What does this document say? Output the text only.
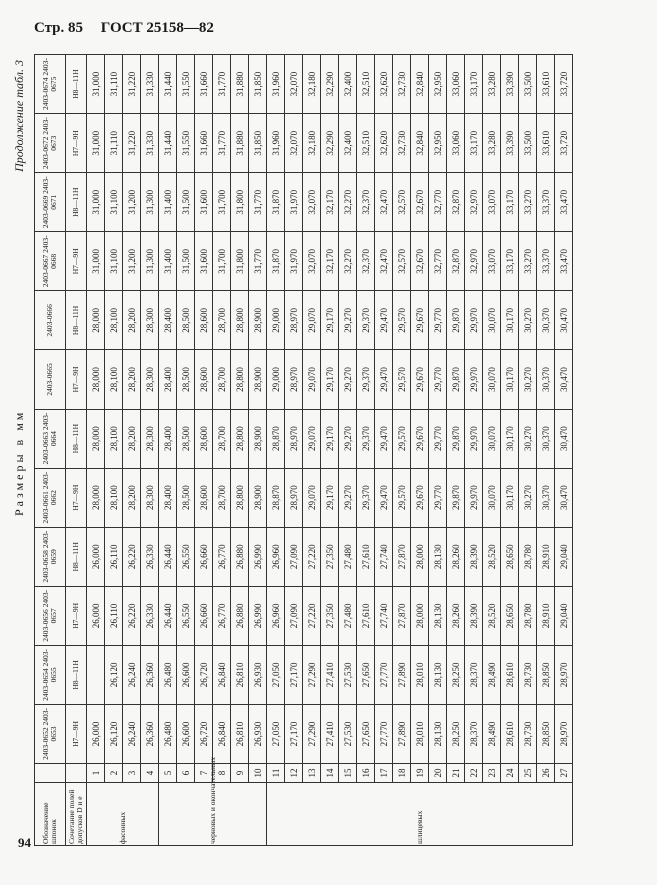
Стр. 85 ГОСТ 25158—82
Продолжение табл. 3
Размеры в мм
Обозначение шпонок		2403-0652 2403-0653	2403-0654 2403-0655	2403-0656 2403-0657	2403-0658 2403-0659	2403-0661 2403-0662	2403-0663 2403-0664	2403-0665	2403-0666	2403-0667 2403-0668	2403-0669 2403-0671	2403-0672 2403-0673	2403-0674 2403-0675
Сочетание полей допусков D и e		H7—9H	H8—11H	H7—9H	H8—11H	H7—9H	H8—11H	H7—9H	H8—11H	H7—9H	H8—11H	H7—9H	H8—11H
фасонных	1	26,000		26,000	26,000	28,000	28,000	28,000	28,000	31,000	31,000	31,000	31,000
	2	26,120	26,120	26,110	26,110	28,100	28,100	28,100	28,100	31,100	31,100	31,110	31,110
	3	26,240	26,240	26,220	26,220	28,200	28,200	28,200	28,200	31,200	31,200	31,220	31,220
	4	26,360	26,360	26,330	26,330	28,300	28,300	28,300	28,300	31,300	31,300	31,330	31,330
черновых и окончательных	5	26,480	26,480	26,440	26,440	28,400	28,400	28,400	28,400	31,400	31,400	31,440	31,440
	6	26,600	26,600	26,550	26,550	28,500	28,500	28,500	28,500	31,500	31,500	31,550	31,550
	7	26,720	26,720	26,660	26,660	28,600	28,600	28,600	28,600	31,600	31,600	31,660	31,660
	8	26,840	26,840	26,770	26,770	28,700	28,700	28,700	28,700	31,700	31,700	31,770	31,770
	9	26,810	26,810	26,880	26,880	28,800	28,800	28,800	28,800	31,800	31,800	31,880	31,880
	10	26,930	26,930	26,990	26,990	28,900	28,900	28,900	28,900	31,770	31,770	31,850	31,850
шлицевых	11	27,050	27,050	26,960	26,960	28,870	28,870	29,000	29,000	31,870	31,870	31,960	31,960
	12	27,170	27,170	27,090	27,090	28,970	28,970	28,970	28,970	31,970	31,970	32,070	32,070
	13	27,290	27,290	27,220	27,220	29,070	29,070	29,070	29,070	32,070	32,070	32,180	32,180
	14	27,410	27,410	27,350	27,350	29,170	29,170	29,170	29,170	32,170	32,170	32,290	32,290
	15	27,530	27,530	27,480	27,480	29,270	29,270	29,270	29,270	32,270	32,270	32,400	32,400
	16	27,650	27,650	27,610	27,610	29,370	29,370	29,370	29,370	32,370	32,370	32,510	32,510
	17	27,770	27,770	27,740	27,740	29,470	29,470	29,470	29,470	32,470	32,470	32,620	32,620
	18	27,890	27,890	27,870	27,870	29,570	29,570	29,570	29,570	32,570	32,570	32,730	32,730
	19	28,010	28,010	28,000	28,000	29,670	29,670	29,670	29,670	32,670	32,670	32,840	32,840
	20	28,130	28,130	28,130	28,130	29,770	29,770	29,770	29,770	32,770	32,770	32,950	32,950
	21	28,250	28,250	28,260	28,260	29,870	29,870	29,870	29,870	32,870	32,870	33,060	33,060
	22	28,370	28,370	28,390	28,390	29,970	29,970	29,970	29,970	32,970	32,970	33,170	33,170
	23	28,490	28,490	28,520	28,520	30,070	30,070	30,070	30,070	33,070	33,070	33,280	33,280
	24	28,610	28,610	28,650	28,650	30,170	30,170	30,170	30,170	33,170	33,170	33,390	33,390
	25	28,730	28,730	28,780	28,780	30,270	30,270	30,270	30,270	33,270	33,270	33,500	33,500
	26	28,850	28,850	28,910	28,910	30,370	30,370	30,370	30,370	33,370	33,370	33,610	33,610
	27	28,970	28,970	29,040	29,040	30,470	30,470	30,470	30,470	33,470	33,470	33,720	33,720
94
